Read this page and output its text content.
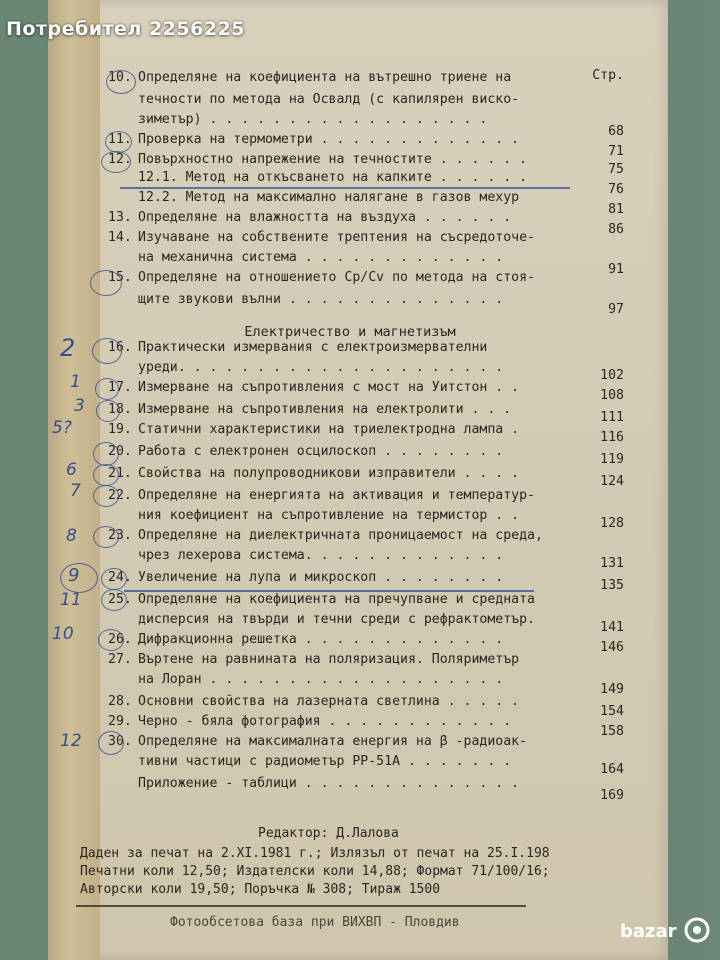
Потребител 2256225
Стр.
10. Определяне на коефициента на вътрешно триене на
течности по метода на Освалд (с капилярен виско-
зиметър) . . . . . . . . . . . . . . . . . .
11. Проверка на термометри . . . . . . . . . . . . .
68
12. Повърхностно напрежение на течностите . . . . . .
71
12.1. Метод на откъсването на капките . . . . . .
75
12.2. Метод на максимално налягане в газов мехур
76
13. Определяне на влажността на въздуха . . . . . .
81
14. Изучаване на собствените трептения на съсредоточе-
86
на механична система . . . . . . . . . . . . .
15. Определяне на отношението Cp/Cv по метода на стоя-
91
щите звукови вълни . . . . . . . . . . . . . .
97
Електричество и магнетизъм
16. Практически измервания с електроизмервателни
уреди. . . . . . . . . . . . . . . . . . . . .
102
17. Измерване на съпротивления с мост на Уитстон . .
108
18. Измерване на съпротивления на електролити . . .
111
19. Статични характеристики на триелектродна лампа .
116
20. Работа с електронен осцилоскоп . . . . . . . .
119
21. Свойства на полупроводникови изправители . . . .
124
22. Определяне на енергията на активация и температур-
ния коефициент на съпротивление на термистор . .
128
23. Определяне на диелектричната проницаемост на среда,
чрез лехерова система. . . . . . . . . . . . .
131
24. Увеличение на лупа и микроскоп . . . . . . . .
135
25. Определяне на коефициента на пречупване и средната
дисперсия на твърди и течни среди с рефрактометър.
141
26. Дифракционна решетка . . . . . . . . . . . . .
146
27. Въртене на равнината на поляризация. Поляриметър
на Лоран . . . . . . . . . . . . . . . . . . .
149
28. Основни свойства на лазерната светлина . . . . .
154
29. Черно - бяла фотография . . . . . . . . . . . .
158
30. Определяне на максималната енергия на β -радиоак-
тивни частици с радиометър РР-51А . . . . . . .
164
Приложение - таблици . . . . . . . . . . . . . .
169
2
1
3
5?
6
7
8
9
11
10
12
Редактор: Д.Лалова
Даден за печат на 2.XI.1981 г.; Излязъл от печат на 25.I.198
Печатни коли 12,50; Издателски коли 14,88; Формат 71/100/16;
Авторски коли 19,50; Поръчка № 308; Тираж 1500
Фотообсетова база при ВИХВП - Пловдив	bazar
